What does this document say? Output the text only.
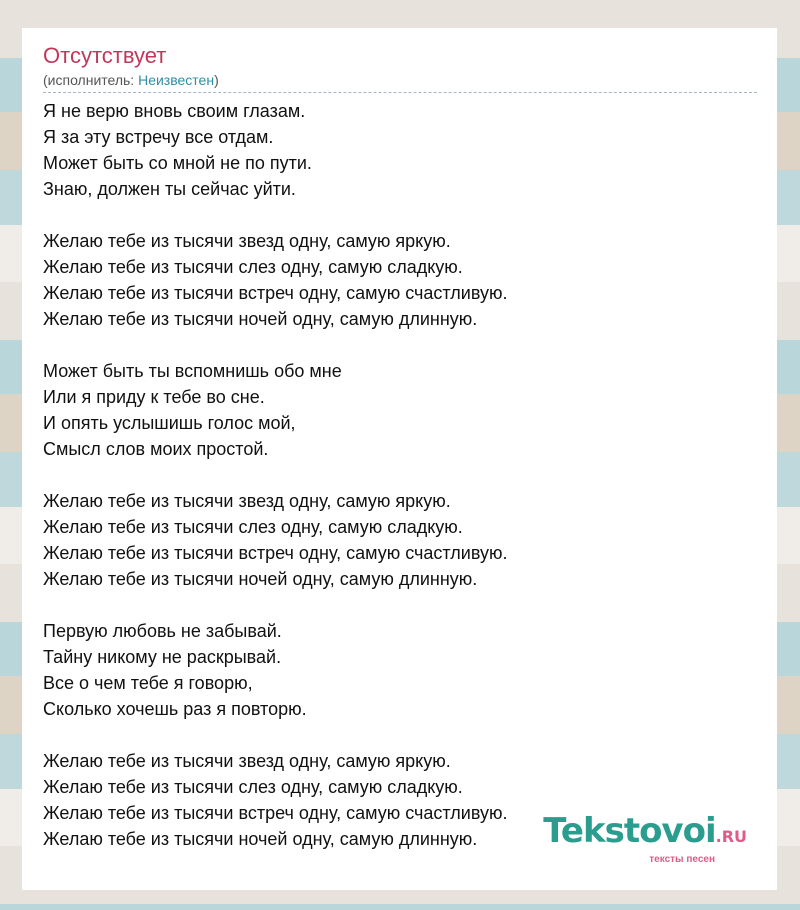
Отсутствует
(исполнитель: Неизвестен)
Я не верю вновь своим глазам.
Я за эту встречу все отдам.
Может быть со мной не по пути.
Знаю, должен ты сейчас уйти.
Желаю тебе из тысячи звезд одну, самую яркую.
Желаю тебе из тысячи слез одну, самую сладкую.
Желаю тебе из тысячи встреч одну, самую счастливую.
Желаю тебе из тысячи ночей одну, самую длинную.
Может быть ты вспомнишь обо мне
Или я приду к тебе во сне.
И опять услышишь голос мой,
Смысл слов моих простой.
Желаю тебе из тысячи звезд одну, самую яркую.
Желаю тебе из тысячи слез одну, самую сладкую.
Желаю тебе из тысячи встреч одну, самую счастливую.
Желаю тебе из тысячи ночей одну, самую длинную.
Первую любовь не забывай.
Тайну никому не раскрывай.
Все о чем тебе я говорю,
Сколько хочешь раз я повторю.
Желаю тебе из тысячи звезд одну, самую яркую.
Желаю тебе из тысячи слез одну, самую сладкую.
Желаю тебе из тысячи встреч одну, самую счастливую.
Желаю тебе из тысячи ночей одну, самую длинную.	Tekstovoi.RU
тексты песен
